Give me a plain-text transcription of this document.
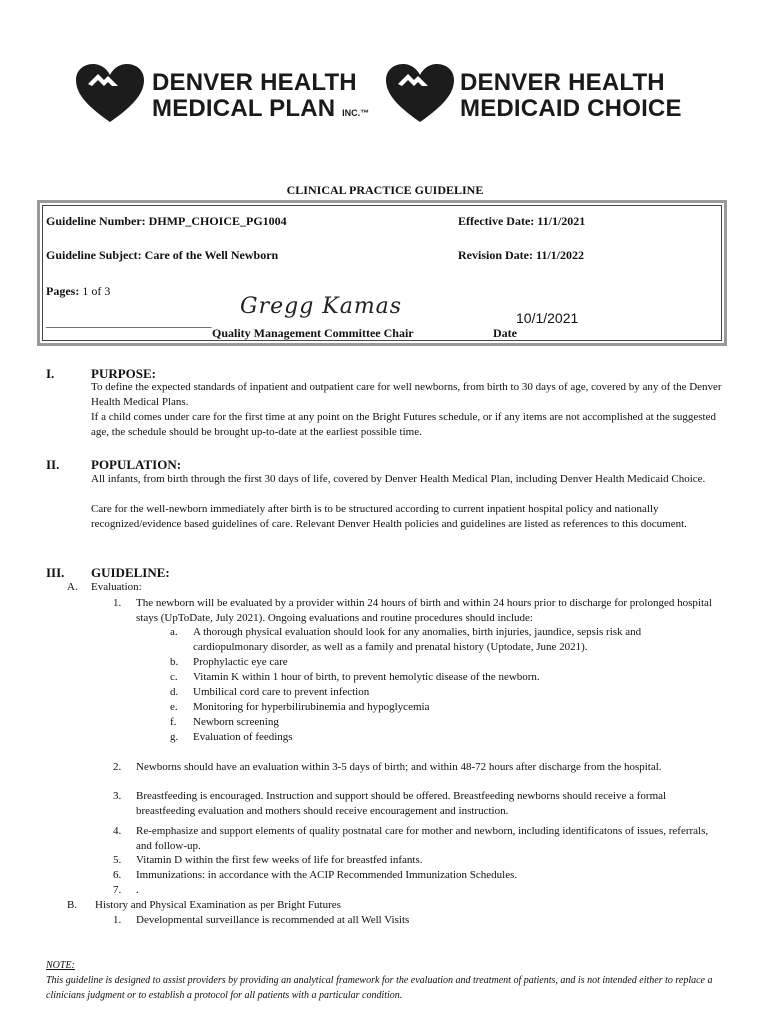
DENVER HEALTH
MEDICAL PLAN INC.™
DENVER HEALTH
MEDICAID CHOICE
CLINICAL PRACTICE GUIDELINE
Guideline Number: DHMP_CHOICE_PG1004	Effective Date: 11/1/2021
Guideline Subject: Care of the Well Newborn	Revision Date: 11/1/2022
Pages: 1 of 3
______________________________
Gregg Kamas	10/1/2021
Quality Management Committee Chair	Date
I.	PURPOSE:
To define the expected standards of inpatient and outpatient care for well newborns, from birth to 30 days of age, covered by any of the Denver Health Medical Plans.
If a child comes under care for the first time at any point on the Bright Futures schedule, or if any items are not accomplished at the suggested age, the schedule should be brought up-to-date at the earliest possible time.
II. POPULATION:
All infants, from birth through the first 30 days of life, covered by Denver Health Medical Plan, including Denver Health Medicaid Choice.
Care for the well-newborn immediately after birth is to be structured according to current inpatient hospital policy and nationally recognized/evidence based guidelines of care. Relevant Denver Health policies and guidelines are listed as references to this document.
III. GUIDELINE:
A. Evaluation:
1. The newborn will be evaluated by a provider within 24 hours of birth and within 24 hours prior to discharge for prolonged hospital stays (UpToDate, July 2021). Ongoing evaluations and routine procedures should include:
a. A thorough physical evaluation should look for any anomalies, birth injuries, jaundice, sepsis risk and cardiopulmonary disorder, as well as a family and prenatal history (Uptodate, June 2021).
b. Prophylactic eye care
c. Vitamin K within 1 hour of birth, to prevent hemolytic disease of the newborn.
d. Umbilical cord care to prevent infection
e. Monitoring for hyperbilirubinemia and hypoglycemia
f. Newborn screening
g. Evaluation of feedings
2. Newborns should have an evaluation within 3-5 days of birth; and within 48-72 hours after discharge from the hospital.
3. Breastfeeding is encouraged. Instruction and support should be offered. Breastfeeding newborns should receive a formal breastfeeding evaluation and mothers should receive encouragement and instruction.
4. Re-emphasize and support elements of quality postnatal care for mother and newborn, including identificatons of issues, referrals, and follow-up.
5. Vitamin D within the first few weeks of life for breastfed infants.
6. Immunizations: in accordance with the ACIP Recommended Immunization Schedules.
7. .
B. History and Physical Examination as per Bright Futures
1. Developmental surveillance is recommended at all Well Visits
NOTE:
This guideline is designed to assist providers by providing an analytical framework for the evaluation and treatment of patients, and is not intended either to replace a clinicians judgment or to establish a protocol for all patients with a particular condition.
